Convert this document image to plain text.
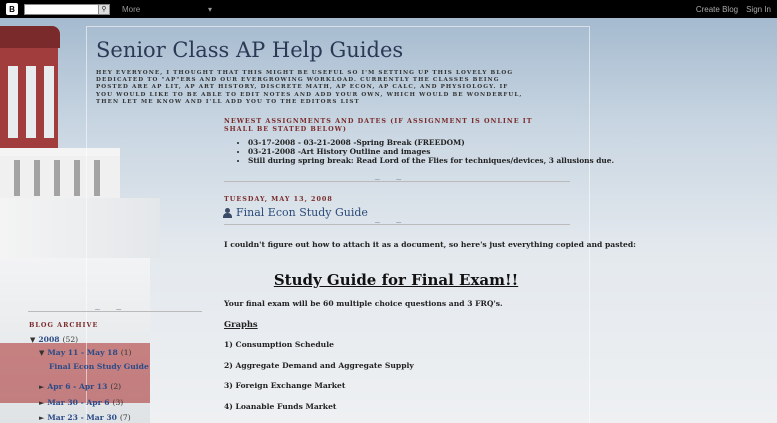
B	⚲	More	▾	Create Blog Sign In
Senior Class AP Help Guides
HEY EVERYONE, I THOUGHT THAT THIS MIGHT BE USEFUL SO I'M SETTING UP THIS LOVELY BLOG DEDICATED TO "AP"ERS AND OUR EVERGROWING WORKLOAD. CURRENTLY THE CLASSES BEING POSTED ARE AP LIT, AP ART HISTORY, DISCRETE MATH, AP ECON, AP CALC, AND PHYSIOLOGY. IF YOU WOULD LIKE TO BE ABLE TO EDIT NOTES AND ADD YOUR OWN, WHICH WOULD BE WONDERFUL, THEN LET ME KNOW AND I'LL ADD YOU TO THE EDITORS LIST
NEWEST ASSIGNMENTS AND DATES (IF ASSIGNMENT IS ONLINE IT SHALL BE STATED BELOW)
• 03-17-2008 - 03-21-2008 -Spring Break (FREEDOM)
• 03-21-2008 -Art History Outline and images
• Still during spring break: Read Lord of the Flies for techniques/devices, 3 allusions due.
~ ~
TUESDAY, MAY 13, 2008
Final Econ Study Guide
~ ~
I couldn't figure out how to attach it as a document, so here's just everything copied and pasted:
Study Guide for Final Exam!!
Your final exam will be 60 multiple choice questions and 3 FRQ's.
Graphs
1) Consumption Schedule
2) Aggregate Demand and Aggregate Supply
3) Foreign Exchange Market
4) Loanable Funds Market
~ ~
BLOG ARCHIVE
▼ 2008 (52)
▼ May 11 - May 18 (1)
Final Econ Study Guide
► Apr 6 - Apr 13 (2)
► Mar 30 - Apr 6 (3)
► Mar 23 - Mar 30 (7)
